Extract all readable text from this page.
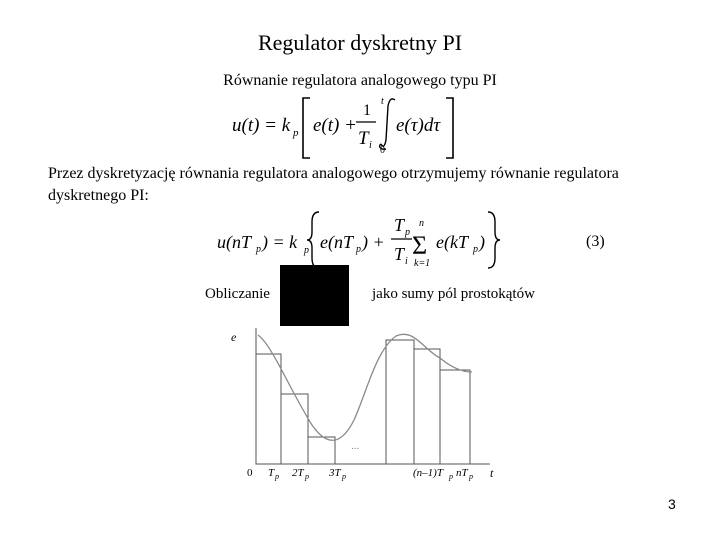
Regulator dyskretny PI
Równanie regulatora analogowego typu PI
u(t) = k p e(t) +
1
T i
t
0
e(τ)dτ
u(nT p ) = k p e(nT p ) +
T p
T i
n
Σ
k=1
e(kT p )
...
e
t
0 T p 2T p 3T p	(n–1)T p nT p
Przez dyskretyzację równania regulatora analogowego otrzymujemy równanie regulatora dyskretnego PI:
(3)
Obliczanie	jako sumy pól prostokątów
3
